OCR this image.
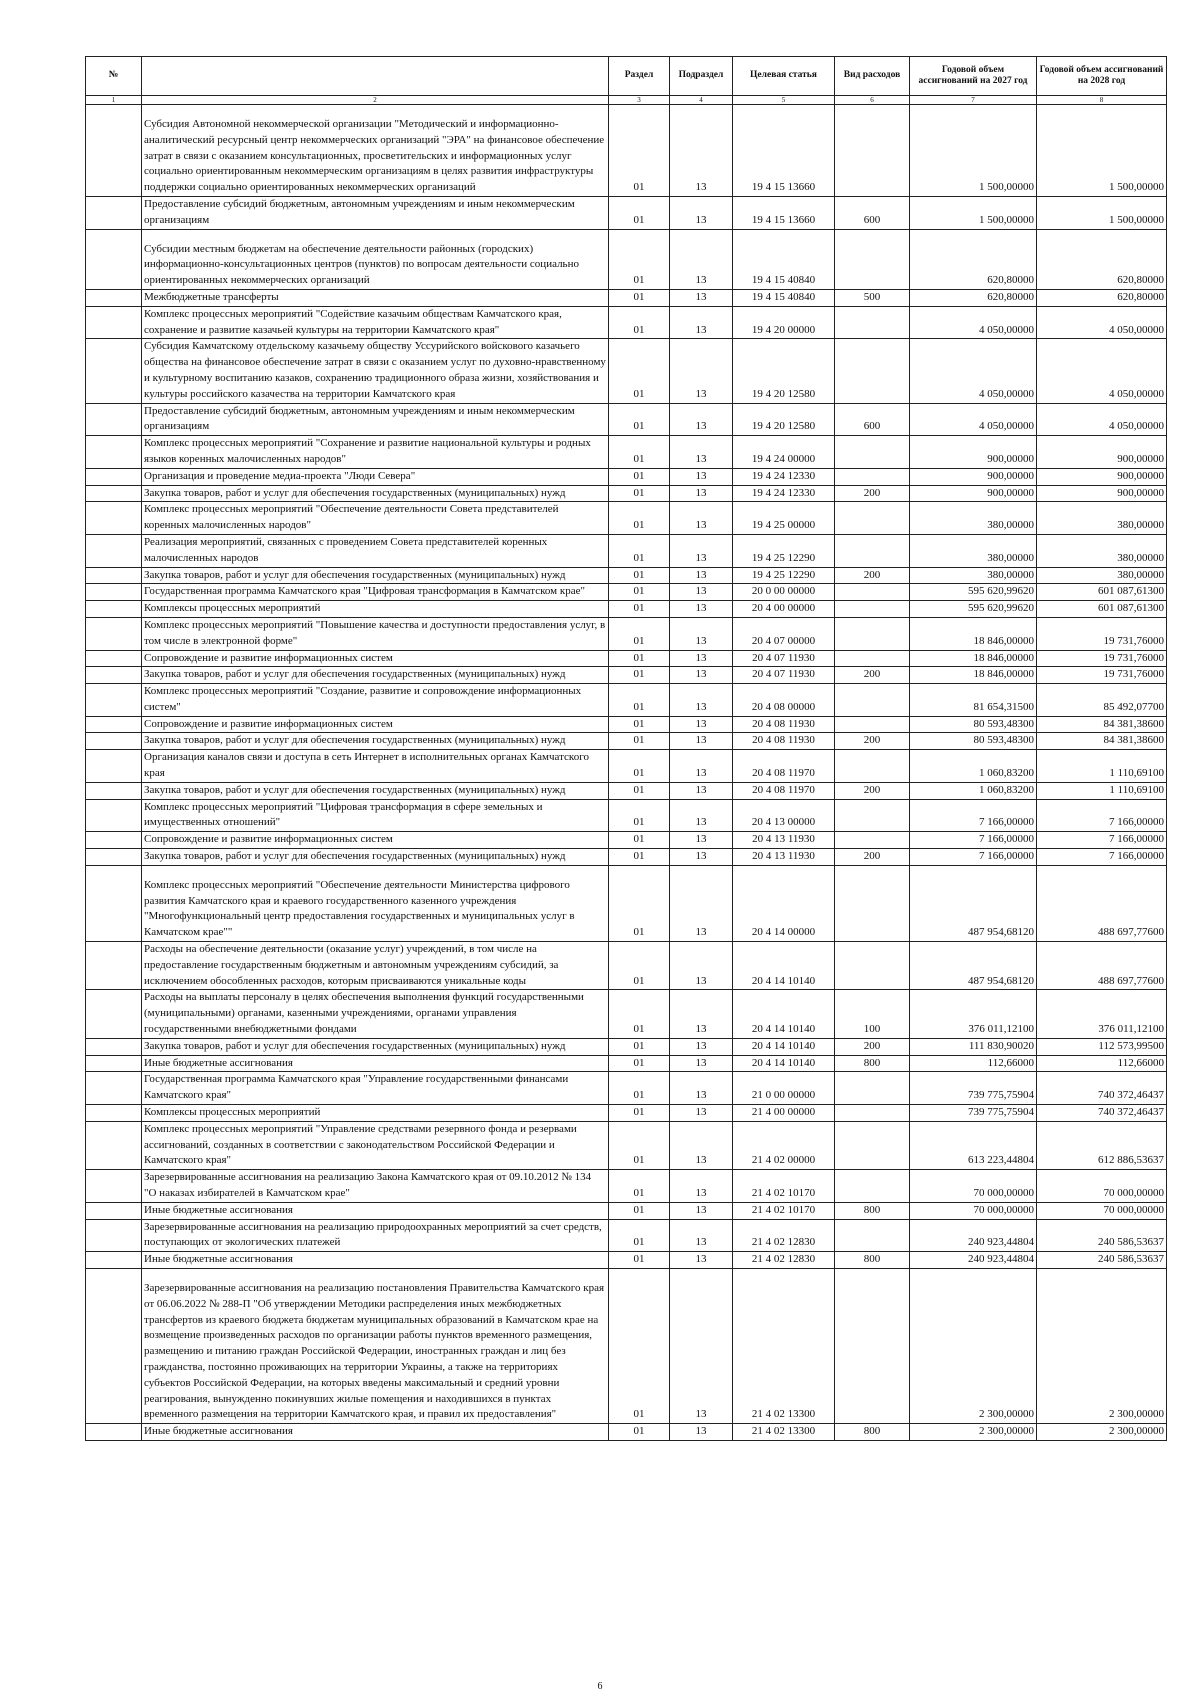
№		Раздел	Подраздел	Целевая статья	Вид расходов	Годовой объем ассигнований на 2027 год	Годовой объем ассигнований на 2028 год
1	2	3	4	5	6	7	8
	Субсидия Автономной некоммерческой организации "Методический и информационно-аналитический ресурсный центр некоммерческих организаций "ЭРА" на финансовое обеспечение затрат в связи с оказанием консультационных, просветительских и информационных услуг социально ориентированным некоммерческим организациям в целях развития инфраструктуры поддержки социально ориентированных некоммерческих организаций	01	13	19 4 15 13660		1 500,00000	1 500,00000
	Предоставление субсидий бюджетным, автономным учреждениям и иным некоммерческим организациям	01	13	19 4 15 13660	600	1 500,00000	1 500,00000
	Субсидии местным бюджетам на обеспечение деятельности районных (городских) информационно-консультационных центров (пунктов) по вопросам деятельности социально ориентированных некоммерческих организаций	01	13	19 4 15 40840		620,80000	620,80000
	Межбюджетные трансферты	01	13	19 4 15 40840	500	620,80000	620,80000
	Комплекс процессных мероприятий "Содействие казачьим обществам Камчатского края, сохранение и развитие казачьей культуры на территории Камчатского края"	01	13	19 4 20 00000		4 050,00000	4 050,00000
	Субсидия Камчатскому отдельскому казачьему обществу Уссурийского войскового казачьего общества на финансовое обеспечение затрат в связи с оказанием услуг по духовно-нравственному и культурному воспитанию казаков, сохранению традиционного образа жизни, хозяйствования и культуры российского казачества на территории Камчатского края	01	13	19 4 20 12580		4 050,00000	4 050,00000
	Предоставление субсидий бюджетным, автономным учреждениям и иным некоммерческим организациям	01	13	19 4 20 12580	600	4 050,00000	4 050,00000
	Комплекс процессных мероприятий "Сохранение и развитие национальной культуры и родных языков коренных малочисленных народов"	01	13	19 4 24 00000		900,00000	900,00000
	Организация и проведение медиа-проекта "Люди Севера"	01	13	19 4 24 12330		900,00000	900,00000
	Закупка товаров, работ и услуг для обеспечения государственных (муниципальных) нужд	01	13	19 4 24 12330	200	900,00000	900,00000
	Комплекс процессных мероприятий "Обеспечение деятельности Совета представителей коренных малочисленных народов"	01	13	19 4 25 00000		380,00000	380,00000
	Реализация мероприятий, связанных с проведением Совета представителей коренных малочисленных народов	01	13	19 4 25 12290		380,00000	380,00000
	Закупка товаров, работ и услуг для обеспечения государственных (муниципальных) нужд	01	13	19 4 25 12290	200	380,00000	380,00000
	Государственная программа Камчатского края "Цифровая трансформация в Камчатском крае"	01	13	20 0 00 00000		595 620,99620	601 087,61300
	Комплексы процессных мероприятий	01	13	20 4 00 00000		595 620,99620	601 087,61300
	Комплекс процессных мероприятий "Повышение качества и доступности предоставления услуг, в том числе в электронной форме"	01	13	20 4 07 00000		18 846,00000	19 731,76000
	Сопровождение и развитие информационных систем	01	13	20 4 07 11930		18 846,00000	19 731,76000
	Закупка товаров, работ и услуг для обеспечения государственных (муниципальных) нужд	01	13	20 4 07 11930	200	18 846,00000	19 731,76000
	Комплекс процессных мероприятий "Создание, развитие и сопровождение информационных систем"	01	13	20 4 08 00000		81 654,31500	85 492,07700
	Сопровождение и развитие информационных систем	01	13	20 4 08 11930		80 593,48300	84 381,38600
	Закупка товаров, работ и услуг для обеспечения государственных (муниципальных) нужд	01	13	20 4 08 11930	200	80 593,48300	84 381,38600
	Организация каналов связи и доступа в сеть Интернет в исполнительных органах Камчатского края	01	13	20 4 08 11970		1 060,83200	1 110,69100
	Закупка товаров, работ и услуг для обеспечения государственных (муниципальных) нужд	01	13	20 4 08 11970	200	1 060,83200	1 110,69100
	Комплекс процессных мероприятий "Цифровая трансформация в сфере земельных и имущественных отношений"	01	13	20 4 13 00000		7 166,00000	7 166,00000
	Сопровождение и развитие информационных систем	01	13	20 4 13 11930		7 166,00000	7 166,00000
	Закупка товаров, работ и услуг для обеспечения государственных (муниципальных) нужд	01	13	20 4 13 11930	200	7 166,00000	7 166,00000
	Комплекс процессных мероприятий "Обеспечение деятельности Министерства цифрового развития Камчатского края и краевого государственного казенного учреждения "Многофункциональный центр предоставления государственных и муниципальных услуг в Камчатском крае""	01	13	20 4 14 00000		487 954,68120	488 697,77600
	Расходы на обеспечение деятельности (оказание услуг) учреждений, в том числе на предоставление государственным бюджетным и автономным учреждениям субсидий, за исключением обособленных расходов, которым присваиваются уникальные коды	01	13	20 4 14 10140		487 954,68120	488 697,77600
	Расходы на выплаты персоналу в целях обеспечения выполнения функций государственными (муниципальными) органами, казенными учреждениями, органами управления государственными внебюджетными фондами	01	13	20 4 14 10140	100	376 011,12100	376 011,12100
	Закупка товаров, работ и услуг для обеспечения государственных (муниципальных) нужд	01	13	20 4 14 10140	200	111 830,90020	112 573,99500
	Иные бюджетные ассигнования	01	13	20 4 14 10140	800	112,66000	112,66000
	Государственная программа Камчатского края "Управление государственными финансами Камчатского края"	01	13	21 0 00 00000		739 775,75904	740 372,46437
	Комплексы процессных мероприятий	01	13	21 4 00 00000		739 775,75904	740 372,46437
	Комплекс процессных мероприятий "Управление средствами резервного фонда и резервами ассигнований, созданных в соответствии с законодательством Российской Федерации и Камчатского края"	01	13	21 4 02 00000		613 223,44804	612 886,53637
	Зарезервированные ассигнования на реализацию Закона Камчатского края от 09.10.2012 № 134 "О наказах избирателей в Камчатском крае"	01	13	21 4 02 10170		70 000,00000	70 000,00000
	Иные бюджетные ассигнования	01	13	21 4 02 10170	800	70 000,00000	70 000,00000
	Зарезервированные ассигнования на реализацию природоохранных мероприятий за счет средств, поступающих от экологических платежей	01	13	21 4 02 12830		240 923,44804	240 586,53637
	Иные бюджетные ассигнования	01	13	21 4 02 12830	800	240 923,44804	240 586,53637
	Зарезервированные ассигнования на реализацию постановления Правительства Камчатского края от 06.06.2022 № 288-П "Об утверждении Методики распределения иных межбюджетных трансфертов из краевого бюджета бюджетам муниципальных образований в Камчатском крае на возмещение произведенных расходов по организации работы пунктов временного размещения, размещению и питанию граждан Российской Федерации, иностранных граждан и лиц без гражданства, постоянно проживающих на территории Украины, а также на территориях субъектов Российской Федерации, на которых введены максимальный и средний уровни реагирования, вынужденно покинувших жилые помещения и находившихся в пунктах временного размещения на территории Камчатского края, и правил их предоставления"	01	13	21 4 02 13300		2 300,00000	2 300,00000
	Иные бюджетные ассигнования	01	13	21 4 02 13300	800	2 300,00000	2 300,00000
6
